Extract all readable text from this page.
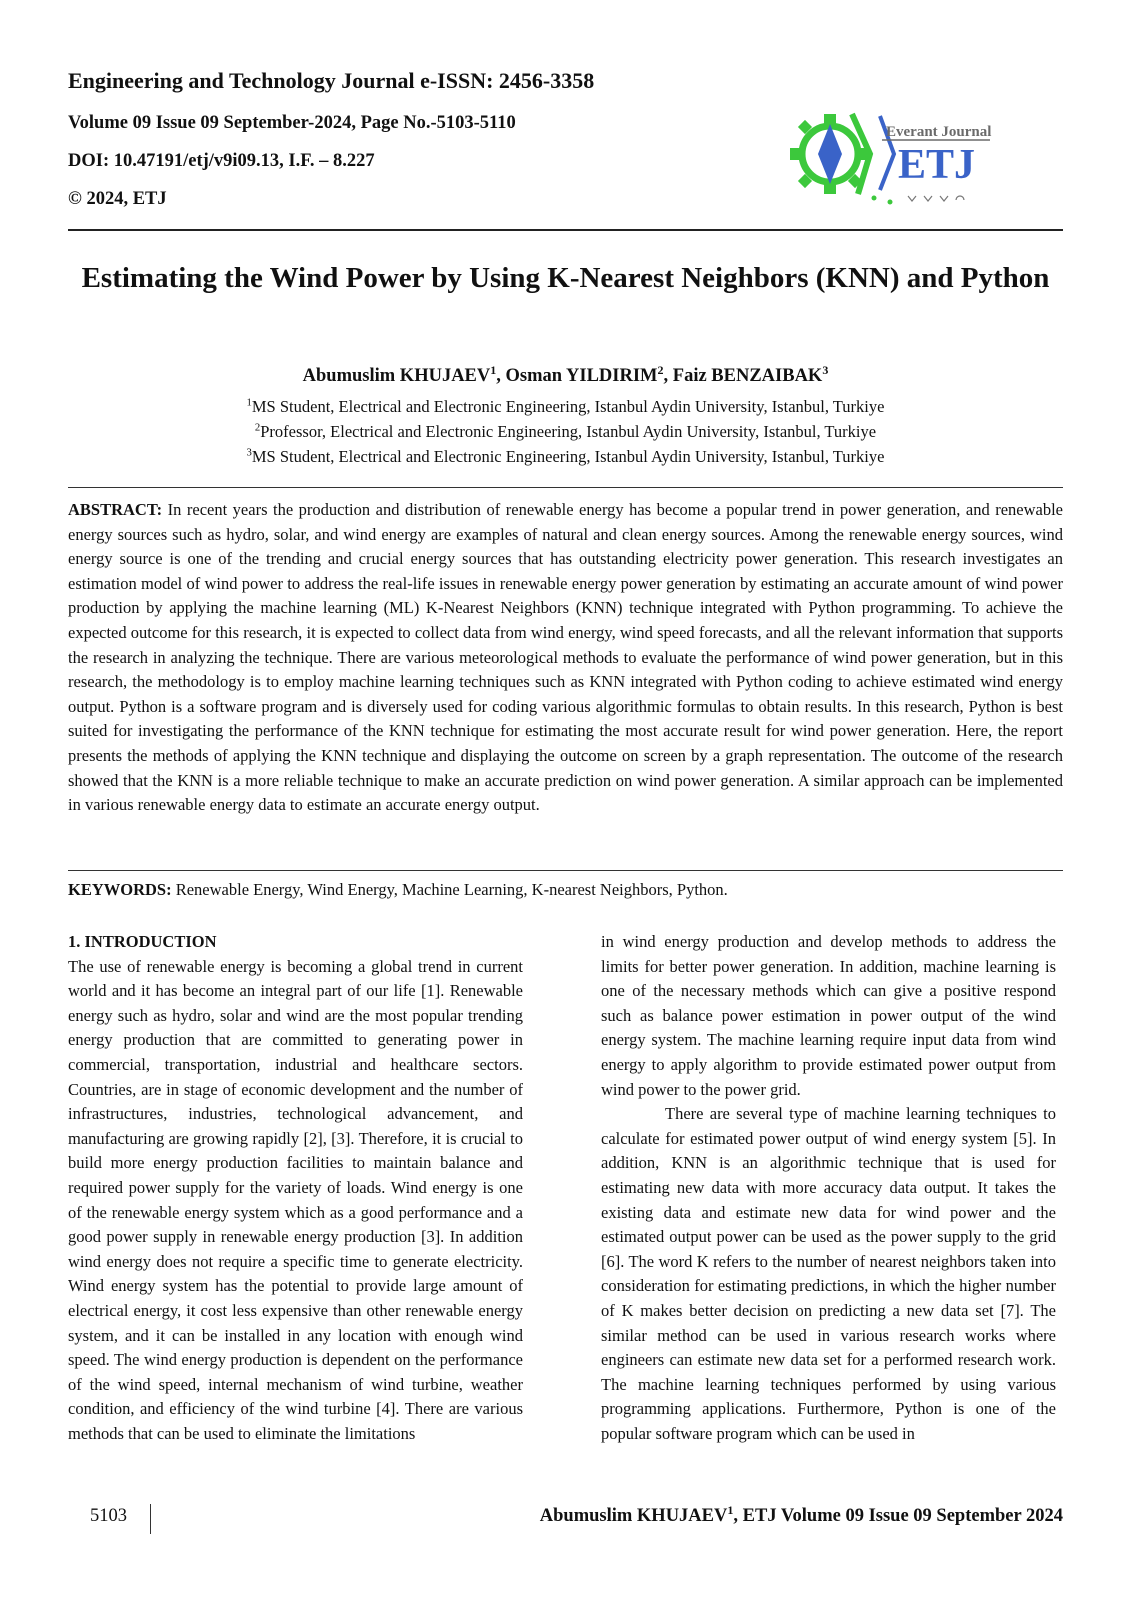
Engineering and Technology Journal e-ISSN: 2456-3358
Volume 09 Issue 09 September-2024, Page No.-5103-5110
DOI: 10.47191/etj/v9i09.13, I.F. – 8.227
© 2024, ETJ
Everant Journal
ETJ
Estimating the Wind Power by Using K-Nearest Neighbors (KNN) and Python
Abumuslim KHUJAEV$^1$, Osman YILDIRIM$^2$, Faiz BENZAIBAK$^3$
$^1$MS Student, Electrical and Electronic Engineering, Istanbul Aydin University, Istanbul, Turkiye
$^2$Professor, Electrical and Electronic Engineering, Istanbul Aydin University, Istanbul, Turkiye
$^3$MS Student, Electrical and Electronic Engineering, Istanbul Aydin University, Istanbul, Turkiye
ABSTRACT: In recent years the production and distribution of renewable energy has become a popular trend in power generation, and renewable energy sources such as hydro, solar, and wind energy are examples of natural and clean energy sources. Among the renewable energy sources, wind energy source is one of the trending and crucial energy sources that has outstanding electricity power generation. This research investigates an estimation model of wind power to address the real-life issues in renewable energy power generation by estimating an accurate amount of wind power production by applying the machine learning (ML) K-Nearest Neighbors (KNN) technique integrated with Python programming. To achieve the expected outcome for this research, it is expected to collect data from wind energy, wind speed forecasts, and all the relevant information that supports the research in analyzing the technique. There are various meteorological methods to evaluate the performance of wind power generation, but in this research, the methodology is to employ machine learning techniques such as KNN integrated with Python coding to achieve estimated wind energy output. Python is a software program and is diversely used for coding various algorithmic formulas to obtain results. In this research, Python is best suited for investigating the performance of the KNN technique for estimating the most accurate result for wind power generation. Here, the report presents the methods of applying the KNN technique and displaying the outcome on screen by a graph representation. The outcome of the research showed that the KNN is a more reliable technique to make an accurate prediction on wind power generation. A similar approach can be implemented in various renewable energy data to estimate an accurate energy output.
KEYWORDS: Renewable Energy, Wind Energy, Machine Learning, K-nearest Neighbors, Python.

1. INTRODUCTION

The use of renewable energy is becoming a global trend in current world and it has become an integral part of our life [1]. Renewable energy such as hydro, solar and wind are the most popular trending energy production that are committed to generating power in commercial, transportation, industrial and healthcare sectors. Countries, are in stage of economic development and the number of infrastructures, industries, technological advancement, and manufacturing are growing rapidly [2], [3]. Therefore, it is crucial to build more energy production facilities to maintain balance and required power supply for the variety of loads. Wind energy is one of the renewable energy system which as a good performance and a good power supply in renewable energy production [3]. In addition wind energy does not require a specific time to generate electricity. Wind energy system has the potential to provide large amount of electrical energy, it cost less expensive than other renewable energy system, and it can be installed in any location with enough wind speed. The wind energy production is dependent on the performance of the wind speed, internal mechanism of wind turbine, weather condition, and efficiency of the wind turbine [4]. There are various methods that can be used to eliminate the limitations

in wind energy production and develop methods to address the limits for better power generation. In addition, machine learning is one of the necessary methods which can give a positive respond such as balance power estimation in power output of the wind energy system. The machine learning require input data from wind energy to apply algorithm to provide estimated power output from wind power to the power grid.

There are several type of machine learning techniques to calculate for estimated power output of wind energy system [5]. In addition, KNN is an algorithmic technique that is used for estimating new data with more accuracy data output. It takes the existing data and estimate new data for wind power and the estimated output power can be used as the power supply to the grid [6]. The word K refers to the number of nearest neighbors taken into consideration for estimating predictions, in which the higher number of K makes better decision on predicting a new data set [7]. The similar method can be used in various research works where engineers can estimate new data set for a performed research work. The machine learning techniques performed by using various programming applications. Furthermore, Python is one of the popular software program which can be used in

5103	Abumuslim KHUJAEV$^1$, ETJ Volume 09 Issue 09 September 2024
